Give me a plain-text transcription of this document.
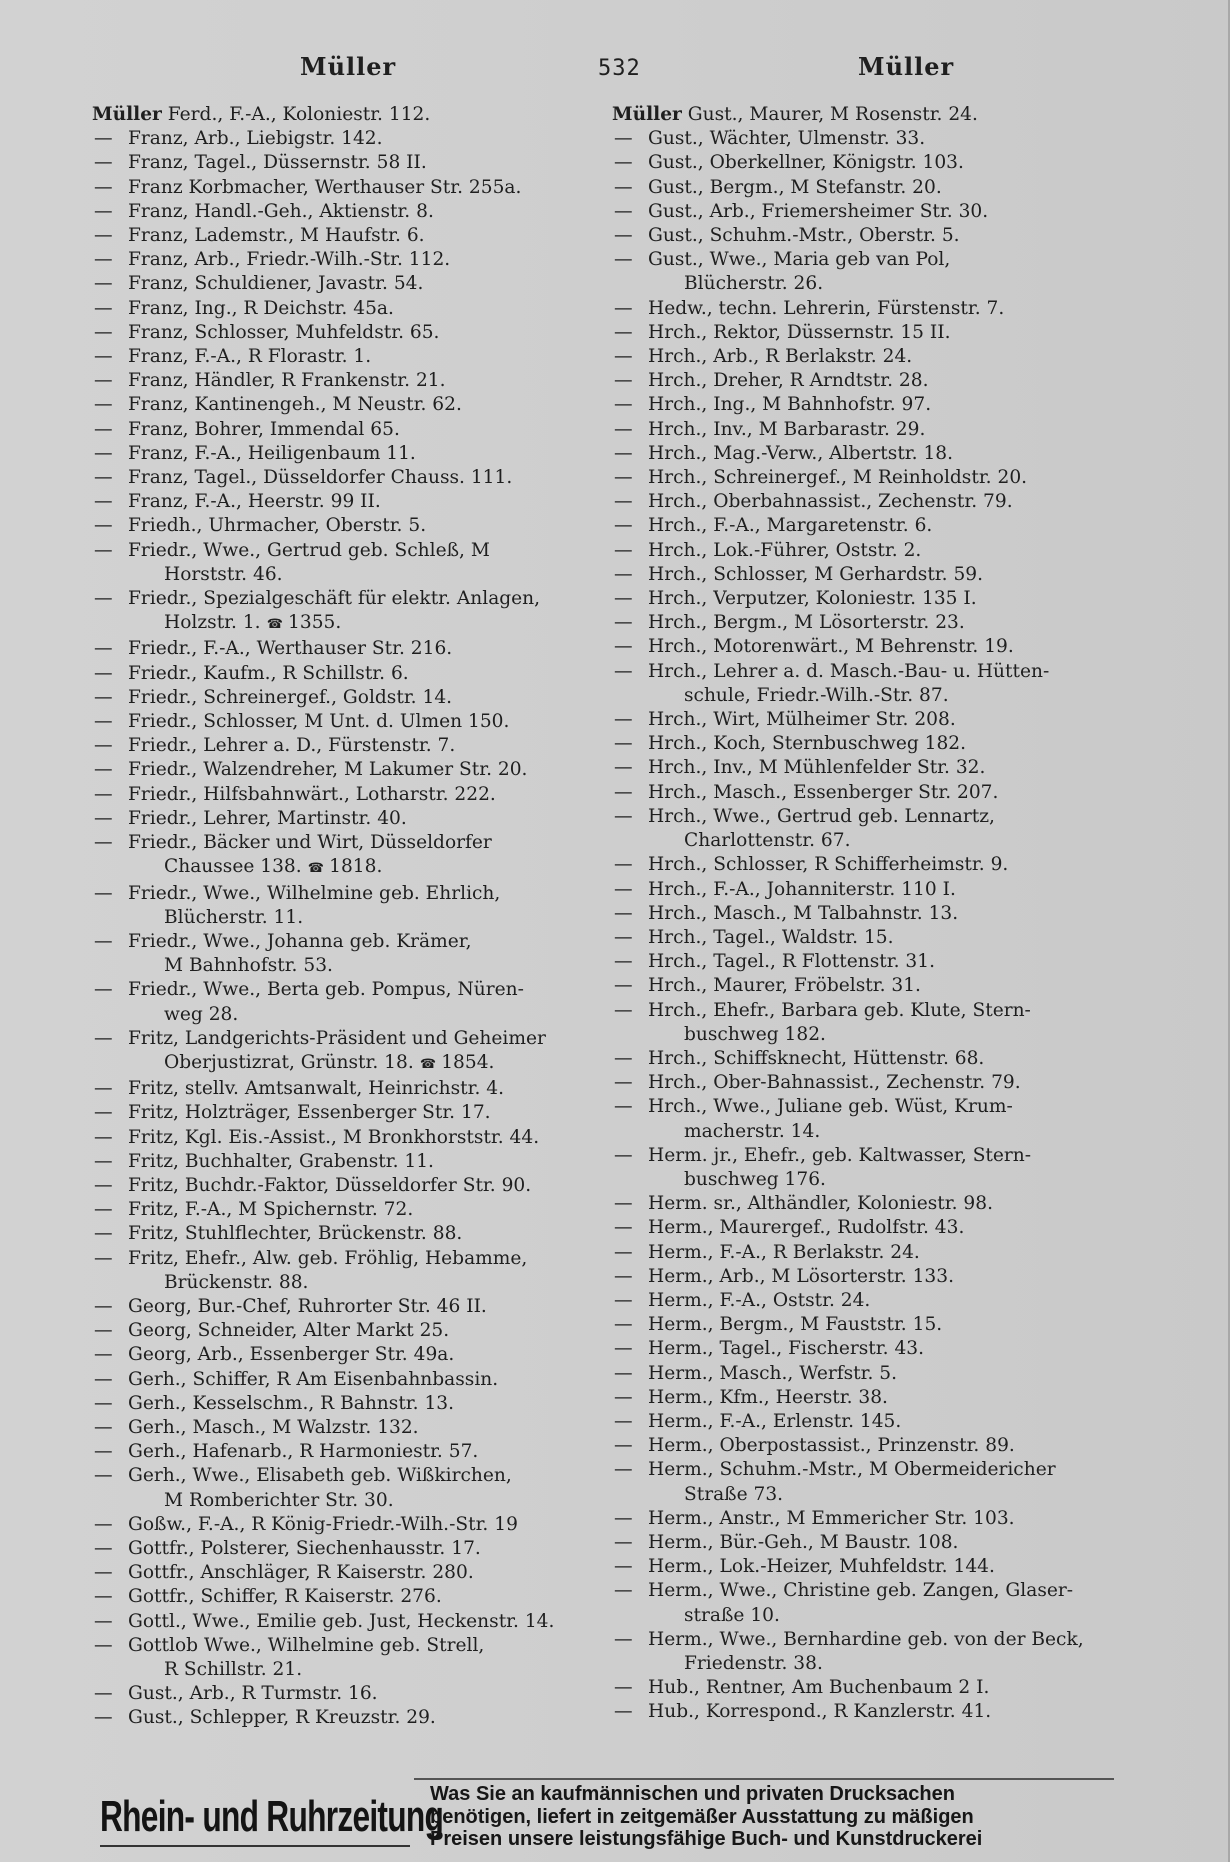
Müller	532	Müller
Müller Ferd., F.-A., Koloniestr. 112.
— Franz, Arb., Liebigstr. 142.
— Franz, Tagel., Düssernstr. 58 II.
— Franz Korbmacher, Werthauser Str. 255a.
— Franz, Handl.-Geh., Aktienstr. 8.
— Franz, Lademstr., M Haufstr. 6.
— Franz, Arb., Friedr.-Wilh.-Str. 112.
— Franz, Schuldiener, Javastr. 54.
— Franz, Ing., R Deichstr. 45a.
— Franz, Schlosser, Muhfeldstr. 65.
— Franz, F.-A., R Florastr. 1.
— Franz, Händler, R Frankenstr. 21.
— Franz, Kantinengeh., M Neustr. 62.
— Franz, Bohrer, Immendal 65.
— Franz, F.-A., Heiligenbaum 11.
— Franz, Tagel., Düsseldorfer Chauss. 111.
— Franz, F.-A., Heerstr. 99 II.
— Friedh., Uhrmacher, Oberstr. 5.
— Friedr., Wwe., Gertrud geb. Schleß, M
Horststr. 46.
— Friedr., Spezialgeschäft für elektr. Anlagen,
Holzstr. 1. ☎ 1355.
— Friedr., F.-A., Werthauser Str. 216.
— Friedr., Kaufm., R Schillstr. 6.
— Friedr., Schreinergef., Goldstr. 14.
— Friedr., Schlosser, M Unt. d. Ulmen 150.
— Friedr., Lehrer a. D., Fürstenstr. 7.
— Friedr., Walzendreher, M Lakumer Str. 20.
— Friedr., Hilfsbahnwärt., Lotharstr. 222.
— Friedr., Lehrer, Martinstr. 40.
— Friedr., Bäcker und Wirt, Düsseldorfer
Chaussee 138. ☎ 1818.
— Friedr., Wwe., Wilhelmine geb. Ehrlich,
Blücherstr. 11.
— Friedr., Wwe., Johanna geb. Krämer,
M Bahnhofstr. 53.
— Friedr., Wwe., Berta geb. Pompus, Nüren-
weg 28.
— Fritz, Landgerichts-Präsident und Geheimer
Oberjustizrat, Grünstr. 18. ☎ 1854.
— Fritz, stellv. Amtsanwalt, Heinrichstr. 4.
— Fritz, Holzträger, Essenberger Str. 17.
— Fritz, Kgl. Eis.-Assist., M Bronkhorststr. 44.
— Fritz, Buchhalter, Grabenstr. 11.
— Fritz, Buchdr.-Faktor, Düsseldorfer Str. 90.
— Fritz, F.-A., M Spichernstr. 72.
— Fritz, Stuhlflechter, Brückenstr. 88.
— Fritz, Ehefr., Alw. geb. Fröhlig, Hebamme,
Brückenstr. 88.
— Georg, Bur.-Chef, Ruhrorter Str. 46 II.
— Georg, Schneider, Alter Markt 25.
— Georg, Arb., Essenberger Str. 49a.
— Gerh., Schiffer, R Am Eisenbahnbassin.
— Gerh., Kesselschm., R Bahnstr. 13.
— Gerh., Masch., M Walzstr. 132.
— Gerh., Hafenarb., R Harmoniestr. 57.
— Gerh., Wwe., Elisabeth geb. Wißkirchen,
M Romberichter Str. 30.
— Goßw., F.-A., R König-Friedr.-Wilh.-Str. 19
— Gottfr., Polsterer, Siechenhausstr. 17.
— Gottfr., Anschläger, R Kaiserstr. 280.
— Gottfr., Schiffer, R Kaiserstr. 276.
— Gottl., Wwe., Emilie geb. Just, Heckenstr. 14.
— Gottlob Wwe., Wilhelmine geb. Strell,
R Schillstr. 21.
— Gust., Arb., R Turmstr. 16.
— Gust., Schlepper, R Kreuzstr. 29.
Müller Gust., Maurer, M Rosenstr. 24.
— Gust., Wächter, Ulmenstr. 33.
— Gust., Oberkellner, Königstr. 103.
— Gust., Bergm., M Stefanstr. 20.
— Gust., Arb., Friemersheimer Str. 30.
— Gust., Schuhm.-Mstr., Oberstr. 5.
— Gust., Wwe., Maria geb van Pol,
Blücherstr. 26.
— Hedw., techn. Lehrerin, Fürstenstr. 7.
— Hrch., Rektor, Düssernstr. 15 II.
— Hrch., Arb., R Berlakstr. 24.
— Hrch., Dreher, R Arndtstr. 28.
— Hrch., Ing., M Bahnhofstr. 97.
— Hrch., Inv., M Barbarastr. 29.
— Hrch., Mag.-Verw., Albertstr. 18.
— Hrch., Schreinergef., M Reinholdstr. 20.
— Hrch., Oberbahnassist., Zechenstr. 79.
— Hrch., F.-A., Margaretenstr. 6.
— Hrch., Lok.-Führer, Oststr. 2.
— Hrch., Schlosser, M Gerhardstr. 59.
— Hrch., Verputzer, Koloniestr. 135 I.
— Hrch., Bergm., M Lösorterstr. 23.
— Hrch., Motorenwärt., M Behrenstr. 19.
— Hrch., Lehrer a. d. Masch.-Bau- u. Hütten-
schule, Friedr.-Wilh.-Str. 87.
— Hrch., Wirt, Mülheimer Str. 208.
— Hrch., Koch, Sternbuschweg 182.
— Hrch., Inv., M Mühlenfelder Str. 32.
— Hrch., Masch., Essenberger Str. 207.
— Hrch., Wwe., Gertrud geb. Lennartz,
Charlottenstr. 67.
— Hrch., Schlosser, R Schifferheimstr. 9.
— Hrch., F.-A., Johanniterstr. 110 I.
— Hrch., Masch., M Talbahnstr. 13.
— Hrch., Tagel., Waldstr. 15.
— Hrch., Tagel., R Flottenstr. 31.
— Hrch., Maurer, Fröbelstr. 31.
— Hrch., Ehefr., Barbara geb. Klute, Stern-
buschweg 182.
— Hrch., Schiffsknecht, Hüttenstr. 68.
— Hrch., Ober-Bahnassist., Zechenstr. 79.
— Hrch., Wwe., Juliane geb. Wüst, Krum-
macherstr. 14.
— Herm. jr., Ehefr., geb. Kaltwasser, Stern-
buschweg 176.
— Herm. sr., Althändler, Koloniestr. 98.
— Herm., Maurergef., Rudolfstr. 43.
— Herm., F.-A., R Berlakstr. 24.
— Herm., Arb., M Lösorterstr. 133.
— Herm., F.-A., Oststr. 24.
— Herm., Bergm., M Fauststr. 15.
— Herm., Tagel., Fischerstr. 43.
— Herm., Masch., Werfstr. 5.
— Herm., Kfm., Heerstr. 38.
— Herm., F.-A., Erlenstr. 145.
— Herm., Oberpostassist., Prinzenstr. 89.
— Herm., Schuhm.-Mstr., M Obermeidericher
Straße 73.
— Herm., Anstr., M Emmericher Str. 103.
— Herm., Bür.-Geh., M Baustr. 108.
— Herm., Lok.-Heizer, Muhfeldstr. 144.
— Herm., Wwe., Christine geb. Zangen, Glaser-
straße 10.
— Herm., Wwe., Bernhardine geb. von der Beck,
Friedenstr. 38.
— Hub., Rentner, Am Buchenbaum 2 I.
— Hub., Korrespond., R Kanzlerstr. 41.
Rhein- und Ruhrzeitung
Was Sie an kaufmännischen und privaten Drucksachen
benötigen, liefert in zeitgemäßer Ausstattung zu mäßigen
Preisen unsere leistungsfähige Buch- und Kunstdruckerei
